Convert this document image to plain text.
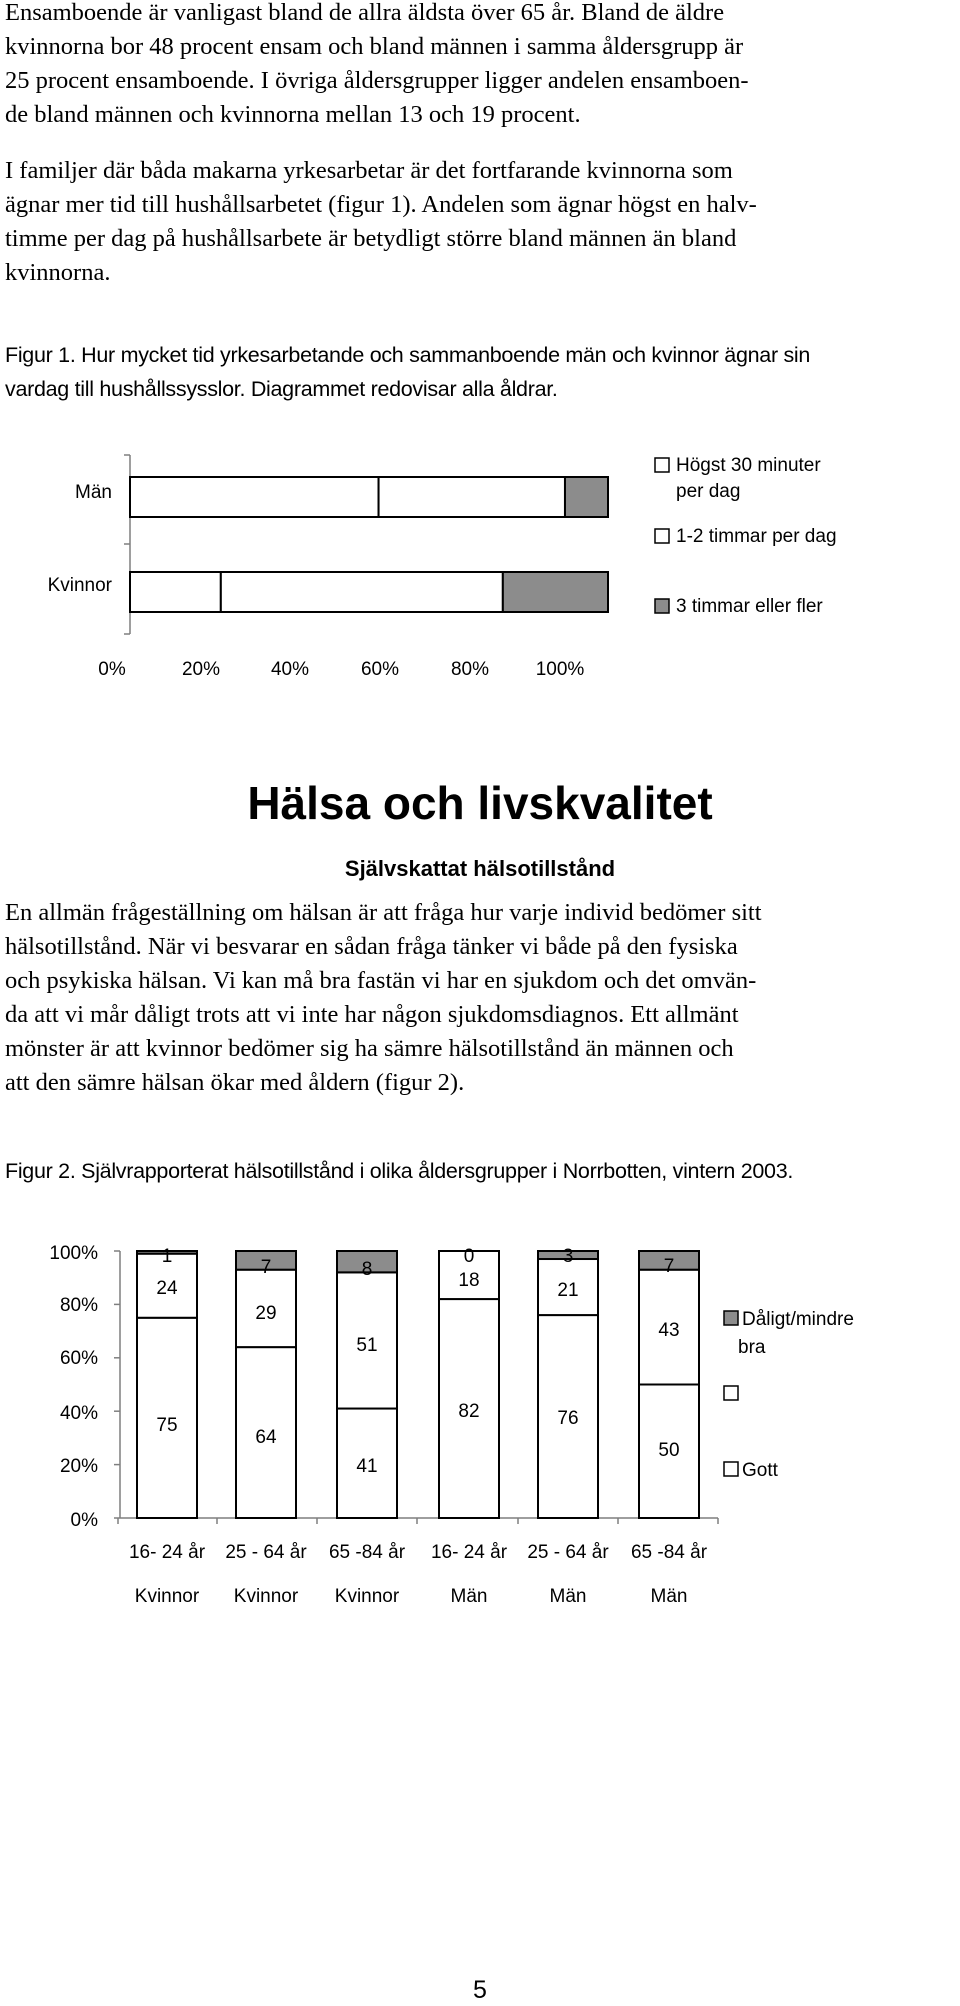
Ensamboende är vanligast bland de allra äldsta över 65 år. Bland de äldre
kvinnorna bor 48 procent ensam och bland männen i samma åldersgrupp är
25 procent ensamboende. I övriga åldersgrupper ligger andelen ensamboen-
de bland männen och kvinnorna mellan 13 och 19 procent.
I familjer där båda makarna yrkesarbetar är det fortfarande kvinnorna som
ägnar mer tid till hushållsarbetet (figur 1). Andelen som ägnar högst en halv-
timme per dag på hushållsarbete är betydligt större bland männen än bland
kvinnorna.
Figur 1. Hur mycket tid yrkesarbetande och sammanboende män och kvinnor ägnar sin
vardag till hushållssysslor. Diagrammet redovisar alla åldrar.
Män
Kvinnor
0%	20%	40%	60%	80% 100%
Högst 30 minuter
per dag
1-2 timmar per dag
3 timmar eller fler
Hälsa och livskvalitet
Självskattat hälsotillstånd
En allmän frågeställning om hälsan är att fråga hur varje individ bedömer sitt
hälsotillstånd. När vi besvarar en sådan fråga tänker vi både på den fysiska
och psykiska hälsan. Vi kan må bra fastän vi har en sjukdom och det omvän-
da att vi mår dåligt trots att vi inte har någon sjukdomsdiagnos. Ett allmänt
mönster är att kvinnor bedömer sig ha sämre hälsotillstånd än männen och
att den sämre hälsan ökar med åldern (figur 2).
Figur 2. Självrapporterat hälsotillstånd i olika åldersgrupper i Norrbotten, vintern 2003.
0%
20%
40%
60%
80%
100%
75
24
1
16- 24 år
Kvinnor
64
29
7
25 - 64 år
Kvinnor
41
51
8
65 -84 år
Kvinnor
82
18
0
16- 24 år
Män
76
21
3
25 - 64 år
Män
50
43
7
65 -84 år
Män
Dåligt/mindre
bra
Gott
5
